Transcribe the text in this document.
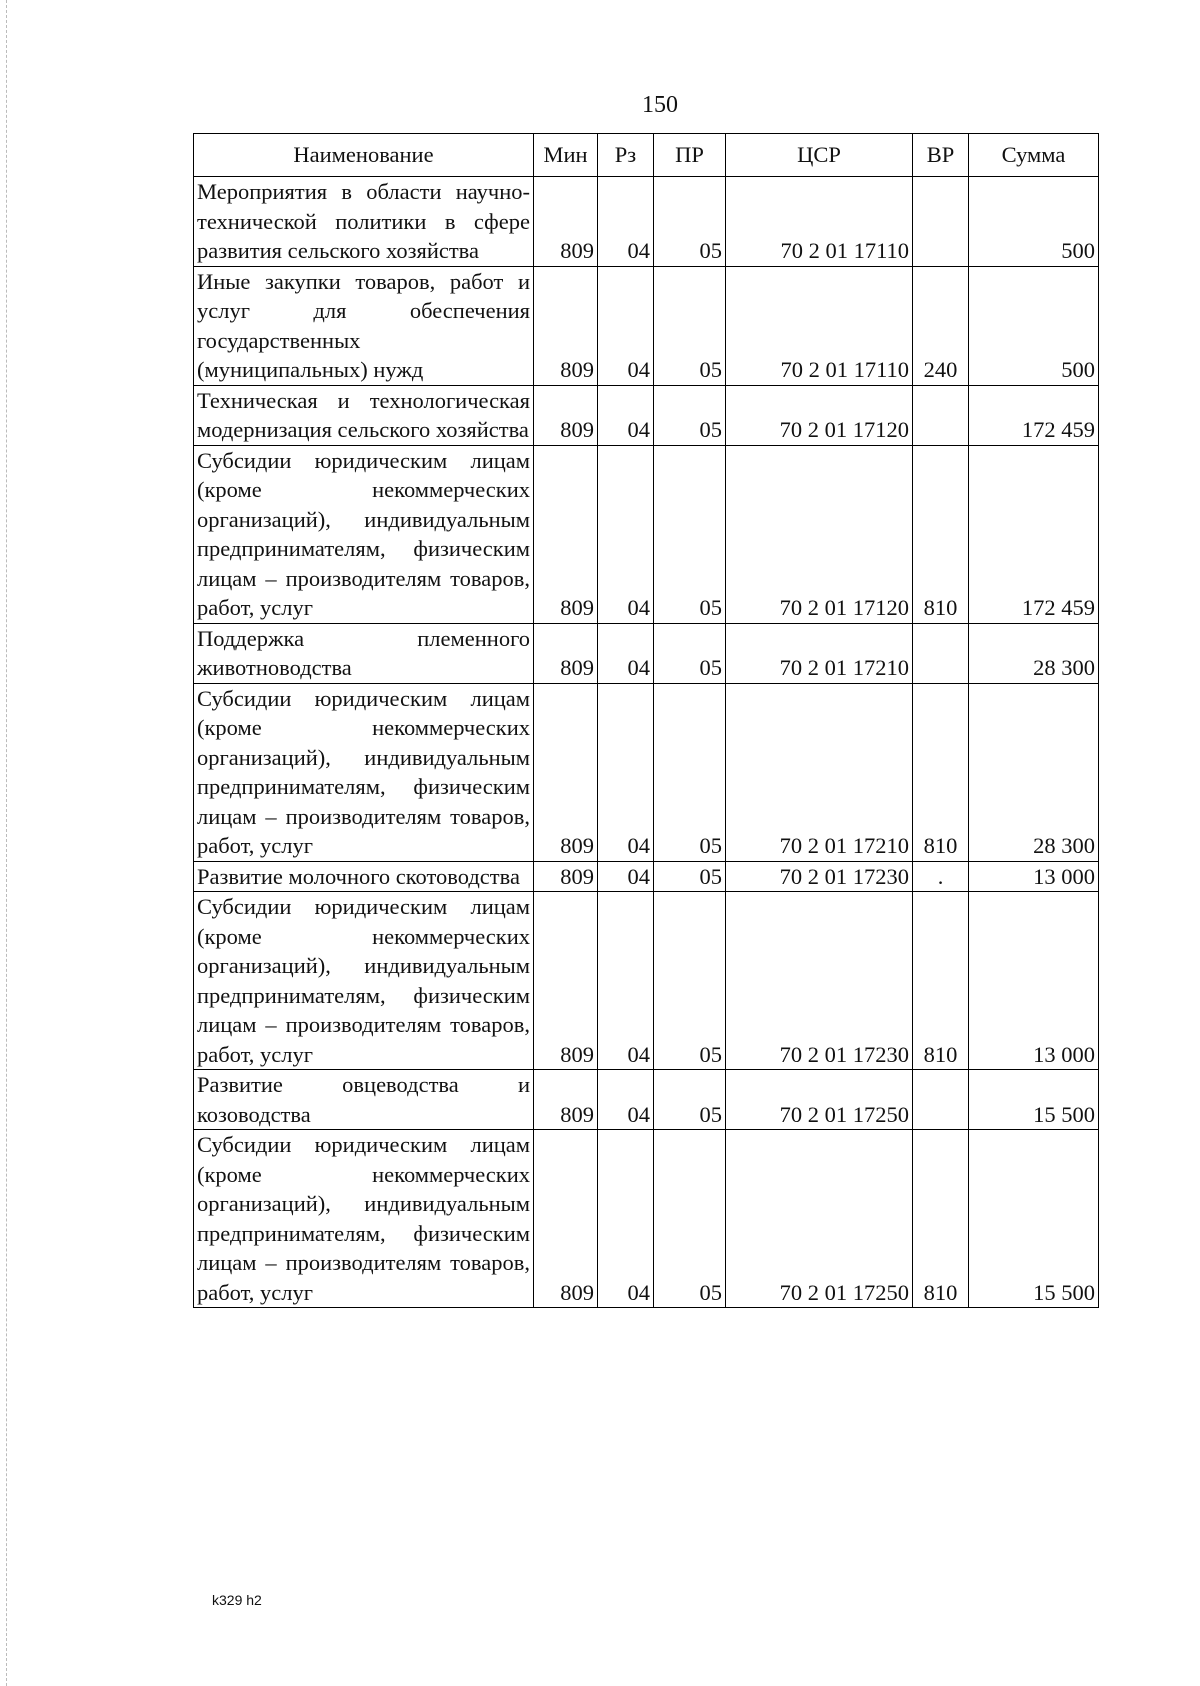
150
Наименование	Мин	Рз	ПР	ЦСР	ВР	Сумма
Мероприятия в области научно-технической политики в сфере развития сельского хозяйства	809	04	05	70 2 01 17110		500
Иные закупки товаров, работ и услуг для обеспечения государственных (муниципальных) нужд	809	04	05	70 2 01 17110	240	500
Техническая и технологическая модернизация сельского хозяйства	809	04	05	70 2 01 17120		172 459
Субсидии юридическим лицам (кроме некоммерческих организаций), индивидуальным предпринимателям, физическим лицам – производителям товаров, работ, услуг	809	04	05	70 2 01 17120	810	172 459
Поддержка племенного животноводства	809	04	05	70 2 01 17210		28 300
Субсидии юридическим лицам (кроме некоммерческих организаций), индивидуальным предпринимателям, физическим лицам – производителям товаров, работ, услуг	809	04	05	70 2 01 17210	810	28 300
Развитие молочного скотоводства	809	04	05	70 2 01 17230	.	13 000
Субсидии юридическим лицам (кроме некоммерческих организаций), индивидуальным предпринимателям, физическим лицам – производителям товаров, работ, услуг	809	04	05	70 2 01 17230	810	13 000
Развитие овцеводства и козоводства	809	04	05	70 2 01 17250		15 500
Субсидии юридическим лицам (кроме некоммерческих организаций), индивидуальным предпринимателям, физическим лицам – производителям товаров, работ, услуг	809	04	05	70 2 01 17250	810	15 500
k329 h2
